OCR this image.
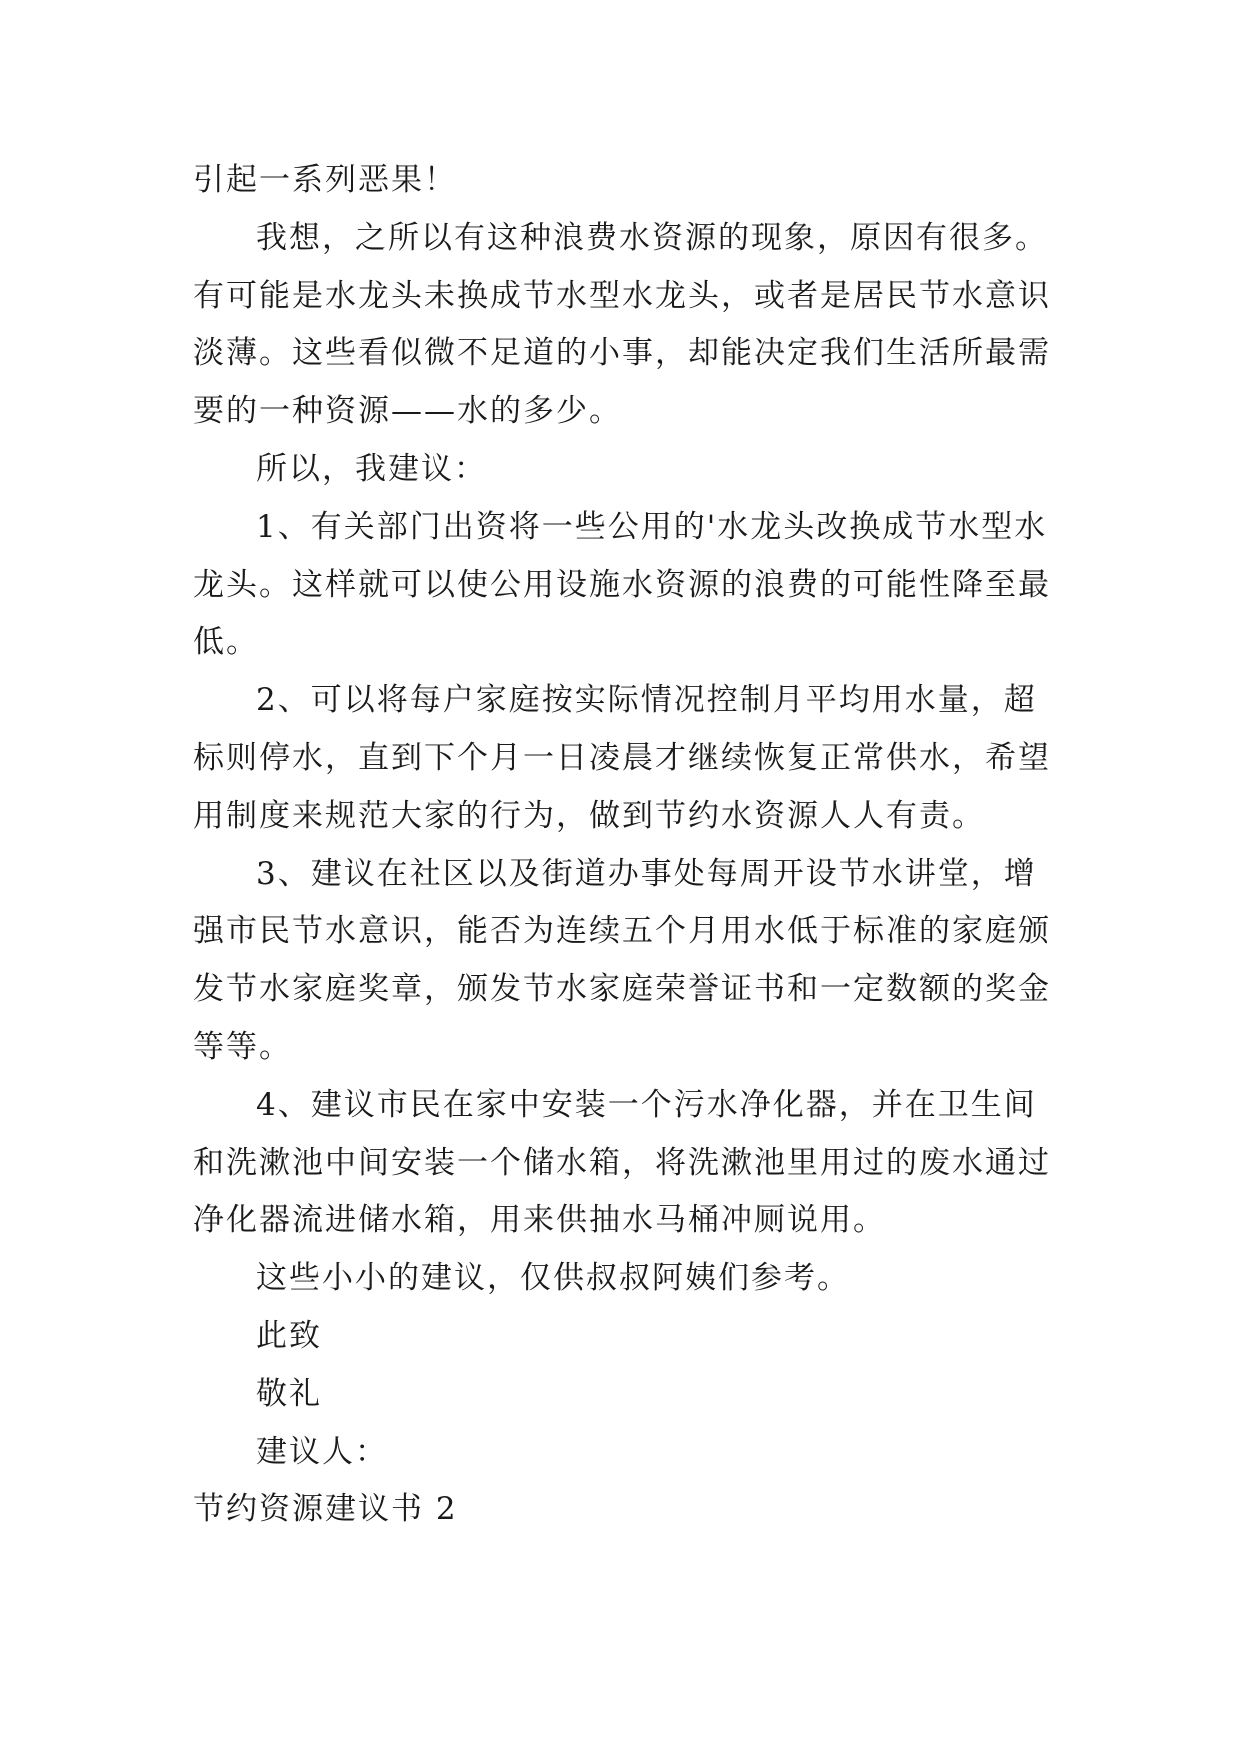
引起一系列恶果！
我想，之所以有这种浪费水资源的现象，原因有很多。
有可能是水龙头未换成节水型水龙头，或者是居民节水意识
淡薄。这些看似微不足道的小事，却能决定我们生活所最需
要的一种资源——水的多少。
所以，我建议：
1、有关部门出资将一些公用的'水龙头改换成节水型水
龙头。这样就可以使公用设施水资源的浪费的可能性降至最
低。
2、可以将每户家庭按实际情况控制月平均用水量，超
标则停水，直到下个月一日凌晨才继续恢复正常供水，希望
用制度来规范大家的行为，做到节约水资源人人有责。
3、建议在社区以及街道办事处每周开设节水讲堂，增
强市民节水意识，能否为连续五个月用水低于标准的家庭颁
发节水家庭奖章，颁发节水家庭荣誉证书和一定数额的奖金
等等。
4、建议市民在家中安装一个污水净化器，并在卫生间
和洗漱池中间安装一个储水箱，将洗漱池里用过的废水通过
净化器流进储水箱，用来供抽水马桶冲厕说用。
这些小小的建议，仅供叔叔阿姨们参考。
此致
敬礼
建议人：
节约资源建议书 2
